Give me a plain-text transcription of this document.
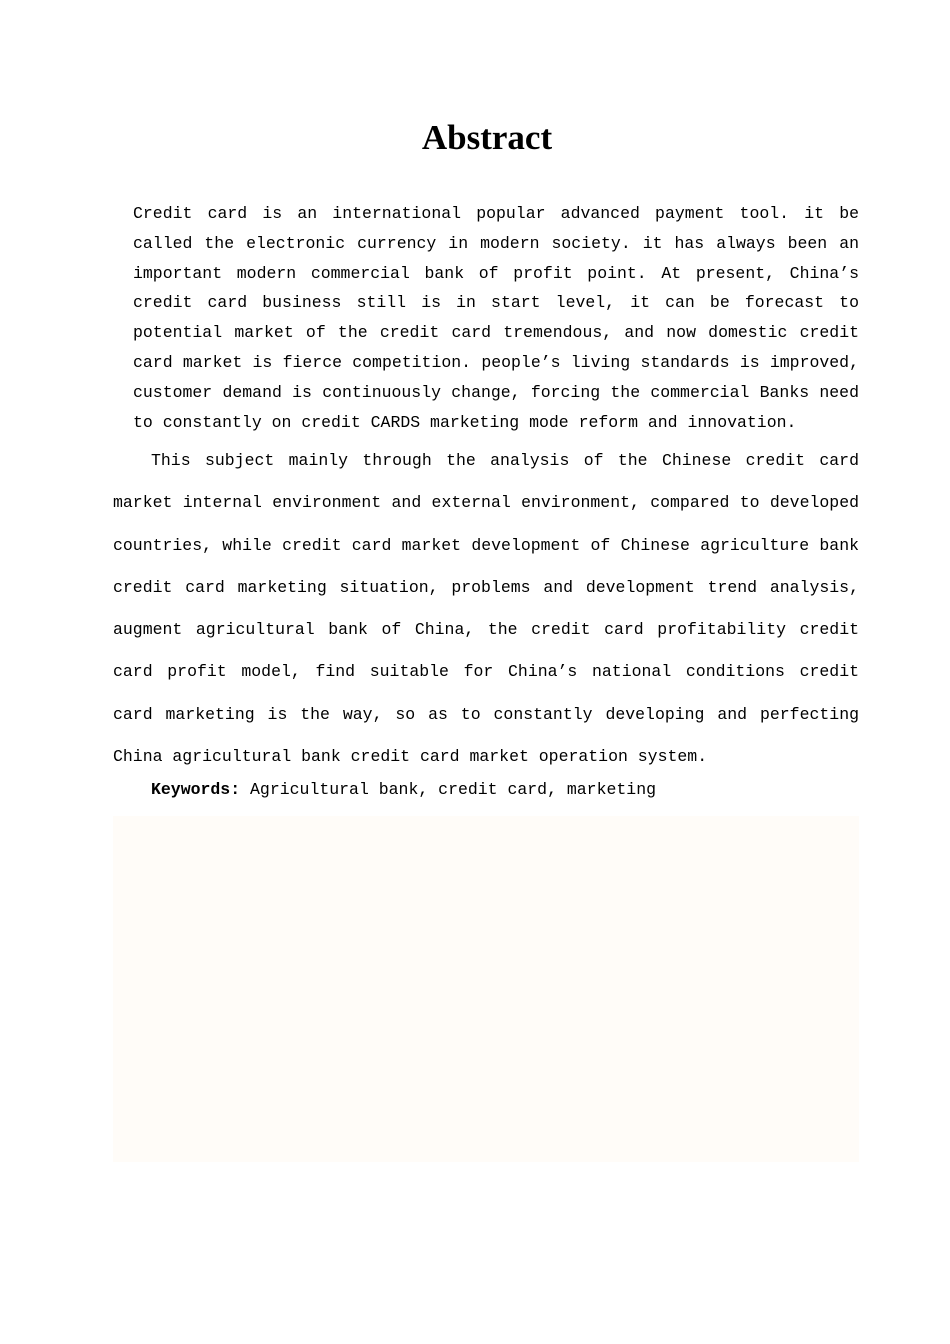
Abstract

Credit card is an international popular advanced payment tool. it be called the electronic currency in modern society. it has always been an important modern commercial bank of profit point. At present, China’s credit card business still is in start level, it can be forecast to potential market of the credit card tremendous, and now domestic credit card market is fierce competition. people’s living standards is improved, customer demand is continuously change, forcing the commercial Banks need to constantly on credit CARDS marketing mode reform and innovation.

This subject mainly through the analysis of the Chinese credit card market internal environment and external environment, compared to developed countries, while credit card market development of Chinese agriculture bank credit card marketing situation, problems and development trend analysis, augment agricultural bank of China, the credit card profitability credit card profit model, find suitable for China’s national conditions credit card marketing is the way, so as to constantly developing and perfecting China agricultural bank credit card market operation system.

Keywords: Agricultural bank, credit card, marketing
